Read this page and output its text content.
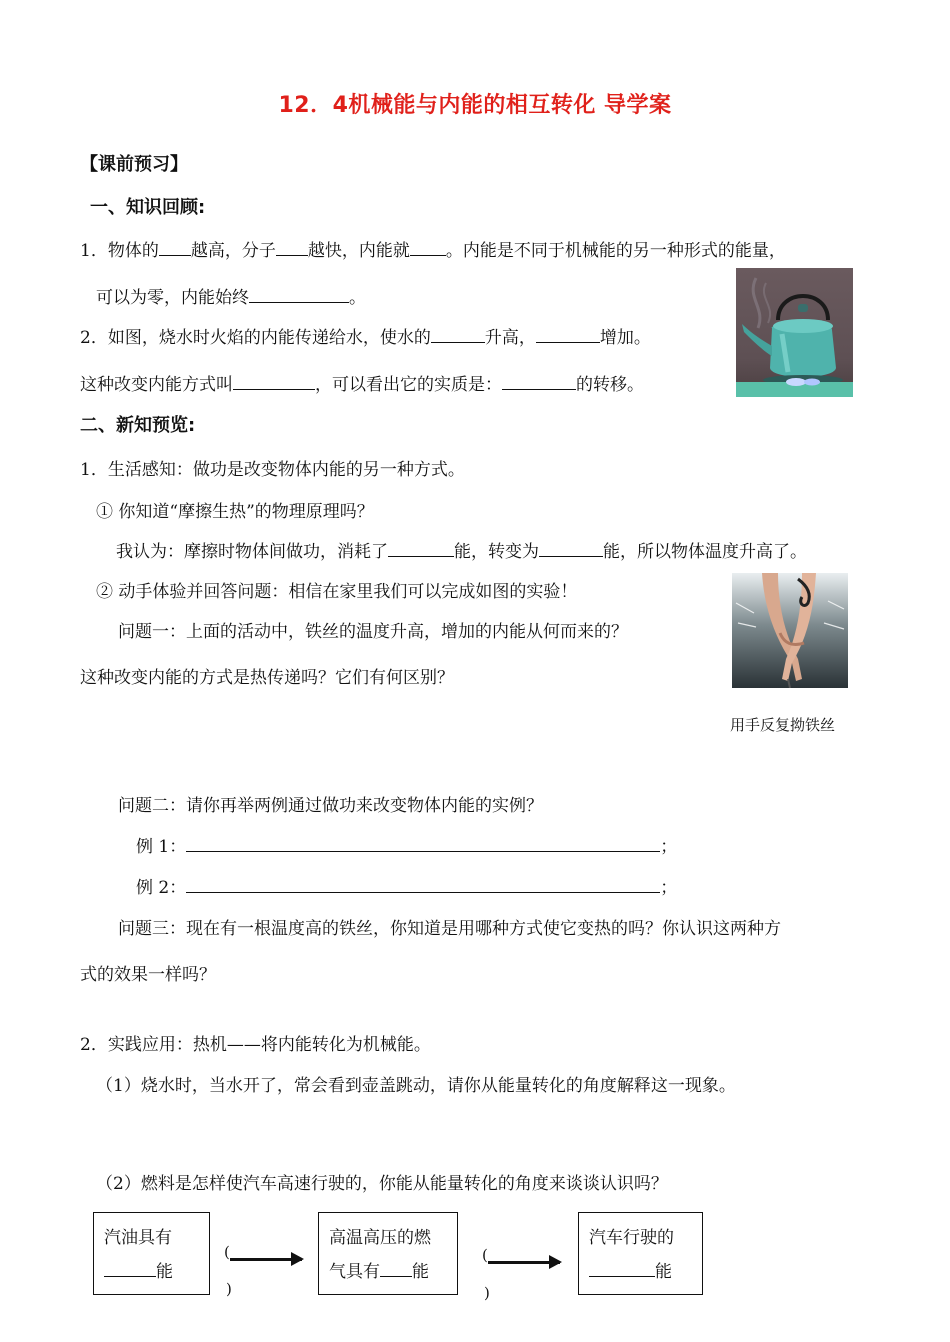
12．4机械能与内能的相互转化 导学案
【课前预习】
一、知识回顾:
1．物体的 越高，分子 越快，内能就 。内能是不同于机械能的另一种形式的能量，
可以为零，内能始终	。
2．如图，烧水时火焰的内能传递给水，使水的	升高，	增加。
这种改变内能方式叫	，可以看出它的实质是：	的转移。
二、新知预览:
1．生活感知：做功是改变物体内能的另一种方式。
① 你知道“摩擦生热”的物理原理吗？
我认为：摩擦时物体间做功，消耗了	能，转变为	能，所以物体温度升高了。
② 动手体验并回答问题：相信在家里我们可以完成如图的实验！
用手反复拗铁丝
问题一：上面的活动中，铁丝的温度升高，增加的内能从何而来的？
这种改变内能的方式是热传递吗？它们有何区别？
问题二：请你再举两例通过做功来改变物体内能的实例？
例 1：	；
例 2：	；
问题三：现在有一根温度高的铁丝，你知道是用哪种方式使它变热的吗？你认识这两种方
式的效果一样吗？
2．实践应用：热机——将内能转化为机械能。
（1）烧水时，当水开了，常会看到壶盖跳动，请你从能量转化的角度解释这一现象。
（2）燃料是怎样使汽车高速行驶的，你能从能量转化的角度来谈谈认识吗？
汽油具有
能
(
)
高温高压的燃
气具有 能
(
)
汽车行驶的
能
